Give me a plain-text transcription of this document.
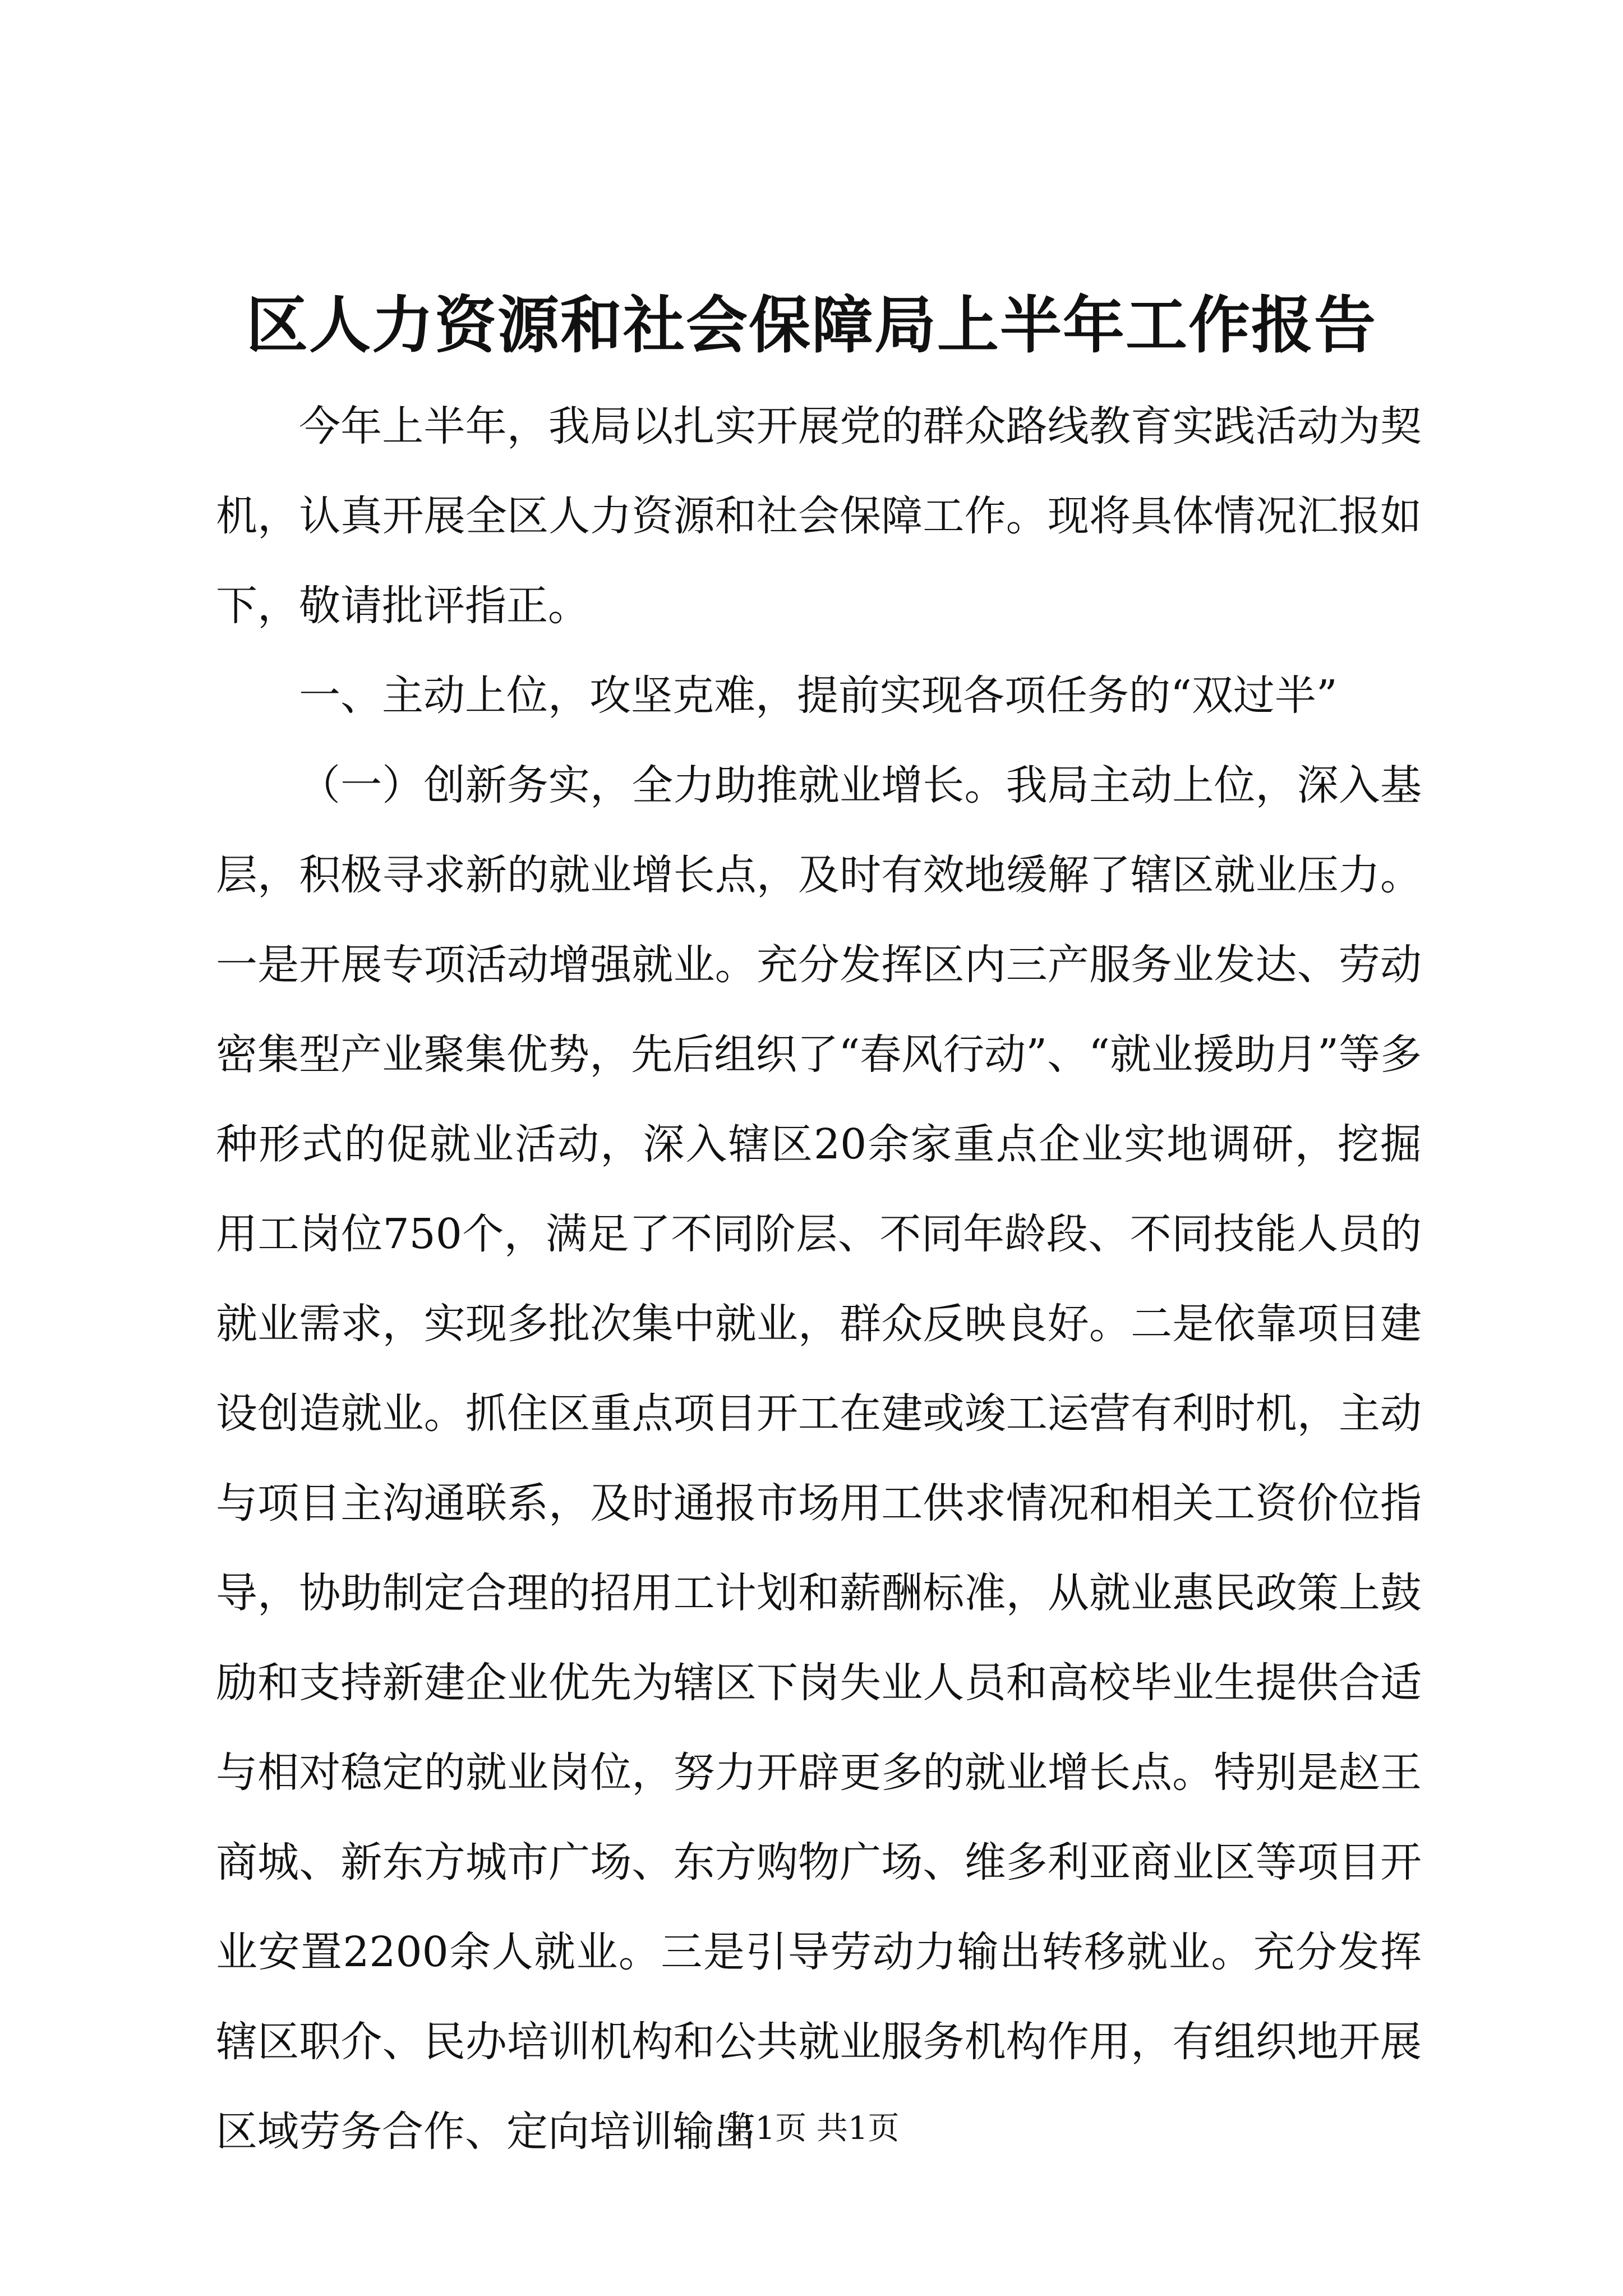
区人力资源和社会保障局上半年工作报告

今年上半年，我局以扎实开展党的群众路线教育实践活动为契机，认真开展全区人力资源和社会保障工作。现将具体情况汇报如下，敬请批评指正。

一、主动上位，攻坚克难，提前实现各项任务的“双过半”

（一）创新务实，全力助推就业增长。我局主动上位，深入基层，积极寻求新的就业增长点，及时有效地缓解了辖区就业压力。一是开展专项活动增强就业。充分发挥区内三产服务业发达、劳动密集型产业聚集优势，先后组织了“春风行动”、“就业援助月”等多种形式的促就业活动，深入辖区20余家重点企业实地调研，挖掘用工岗位750个，满足了不同阶层、不同年龄段、不同技能人员的就业需求，实现多批次集中就业，群众反映良好。二是依靠项目建设创造就业。抓住区重点项目开工在建或竣工运营有利时机，主动与项目主沟通联系，及时通报市场用工供求情况和相关工资价位指导，协助制定合理的招用工计划和薪酬标准，从就业惠民政策上鼓励和支持新建企业优先为辖区下岗失业人员和高校毕业生提供合适与相对稳定的就业岗位，努力开辟更多的就业增长点。特别是赵王商城、新东方城市广场、东方购物广场、维多利亚商业区等项目开业安置2200余人就业。三是引导劳动力输出转移就业。充分发挥辖区职介、民办培训机构和公共就业服务机构作用，有组织地开展区域劳务合作、定向培训输出

第1页 共1页
